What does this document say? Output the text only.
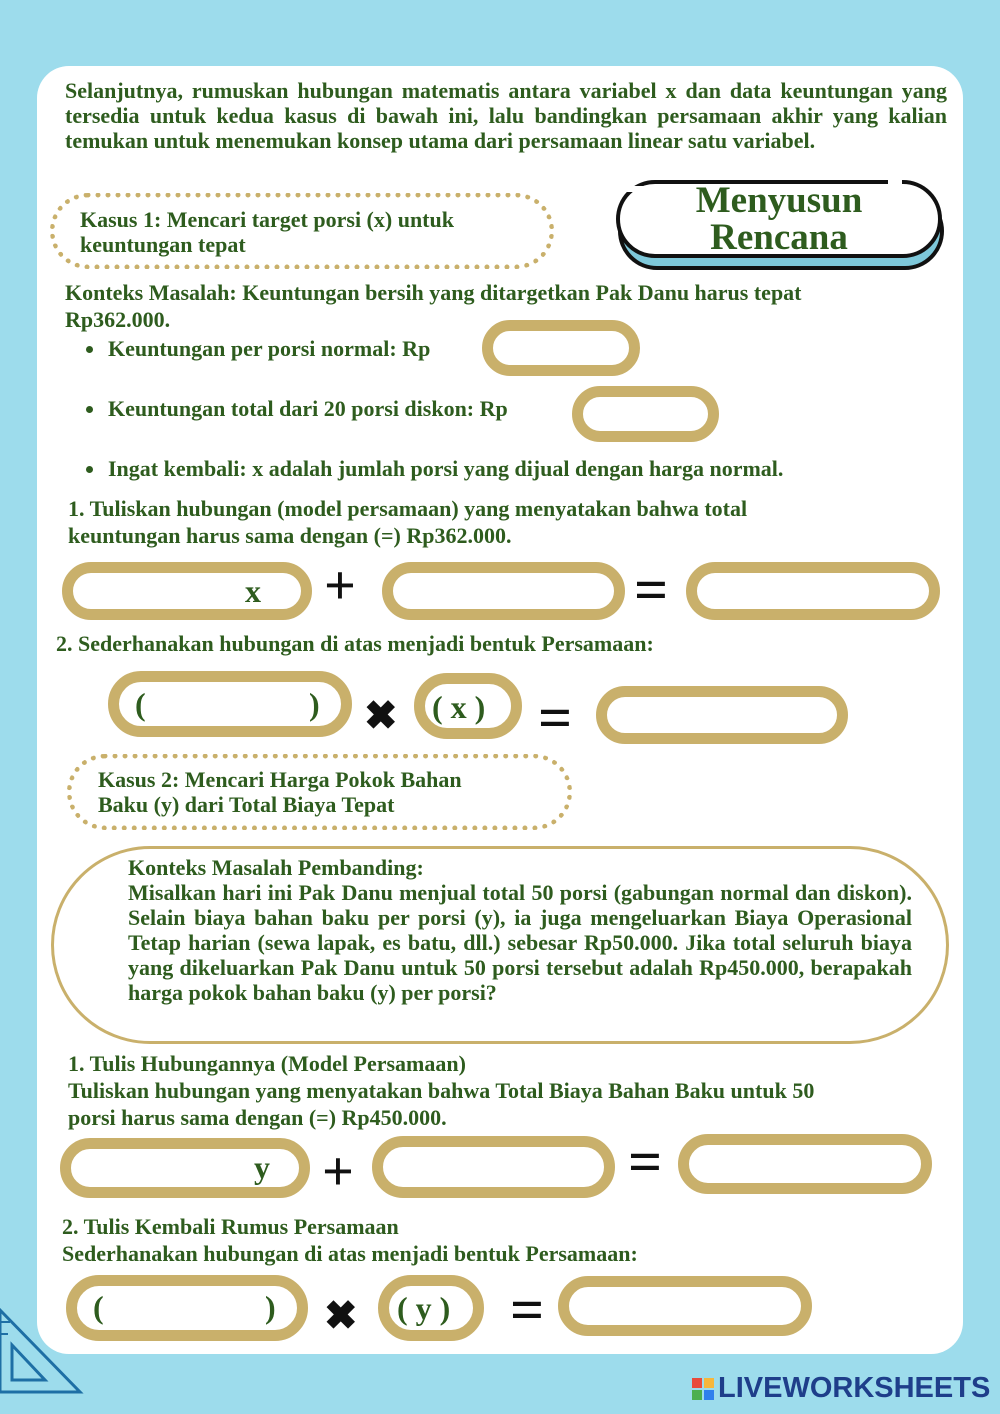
Selanjutnya, rumuskan hubungan matematis antara variabel x dan data keuntungan yang tersedia untuk kedua kasus di bawah ini, lalu bandingkan persamaan akhir yang kalian temukan untuk menemukan konsep utama dari persamaan linear satu variabel.

Kasus 1: Mencari target porsi (x) untuk
keuntungan tepat
Menyusun
Rencana
Konteks Masalah: Keuntungan bersih yang ditargetkan Pak Danu harus tepat
Rp362.000.
Keuntungan per porsi normal: Rp
Keuntungan total dari 20 porsi diskon: Rp
Ingat kembali: x adalah jumlah porsi yang dijual dengan harga normal.
1. Tuliskan hubungan (model persamaan) yang menyatakan bahwa total
keuntungan harus sama dengan (=) Rp362.000.
x +	=
2. Sederhanakan hubungan di atas menjadi bentuk Persamaan:
(	) ✖ ( x ) =
Kasus 2: Mencari Harga Pokok Bahan
Baku (y) dari Total Biaya Tepat
Konteks Masalah Pembanding:

Misalkan hari ini Pak Danu menjual total 50 porsi (gabungan normal dan diskon). Selain biaya bahan baku per porsi (y), ia juga mengeluarkan Biaya Operasional Tetap harian (sewa lapak, es batu, dll.) sebesar Rp50.000. Jika total seluruh biaya yang dikeluarkan Pak Danu untuk 50 porsi tersebut adalah Rp450.000, berapakah harga pokok bahan baku (y) per porsi?

1. Tulis Hubungannya (Model Persamaan)
Tuliskan hubungan yang menyatakan bahwa Total Biaya Bahan Baku untuk 50
porsi harus sama dengan (=) Rp450.000.
y +	=
2. Tulis Kembali Rumus Persamaan
Sederhanakan hubungan di atas menjadi bentuk Persamaan:
(	) ✖ ( y ) =
LIVEWORKSHEETS
